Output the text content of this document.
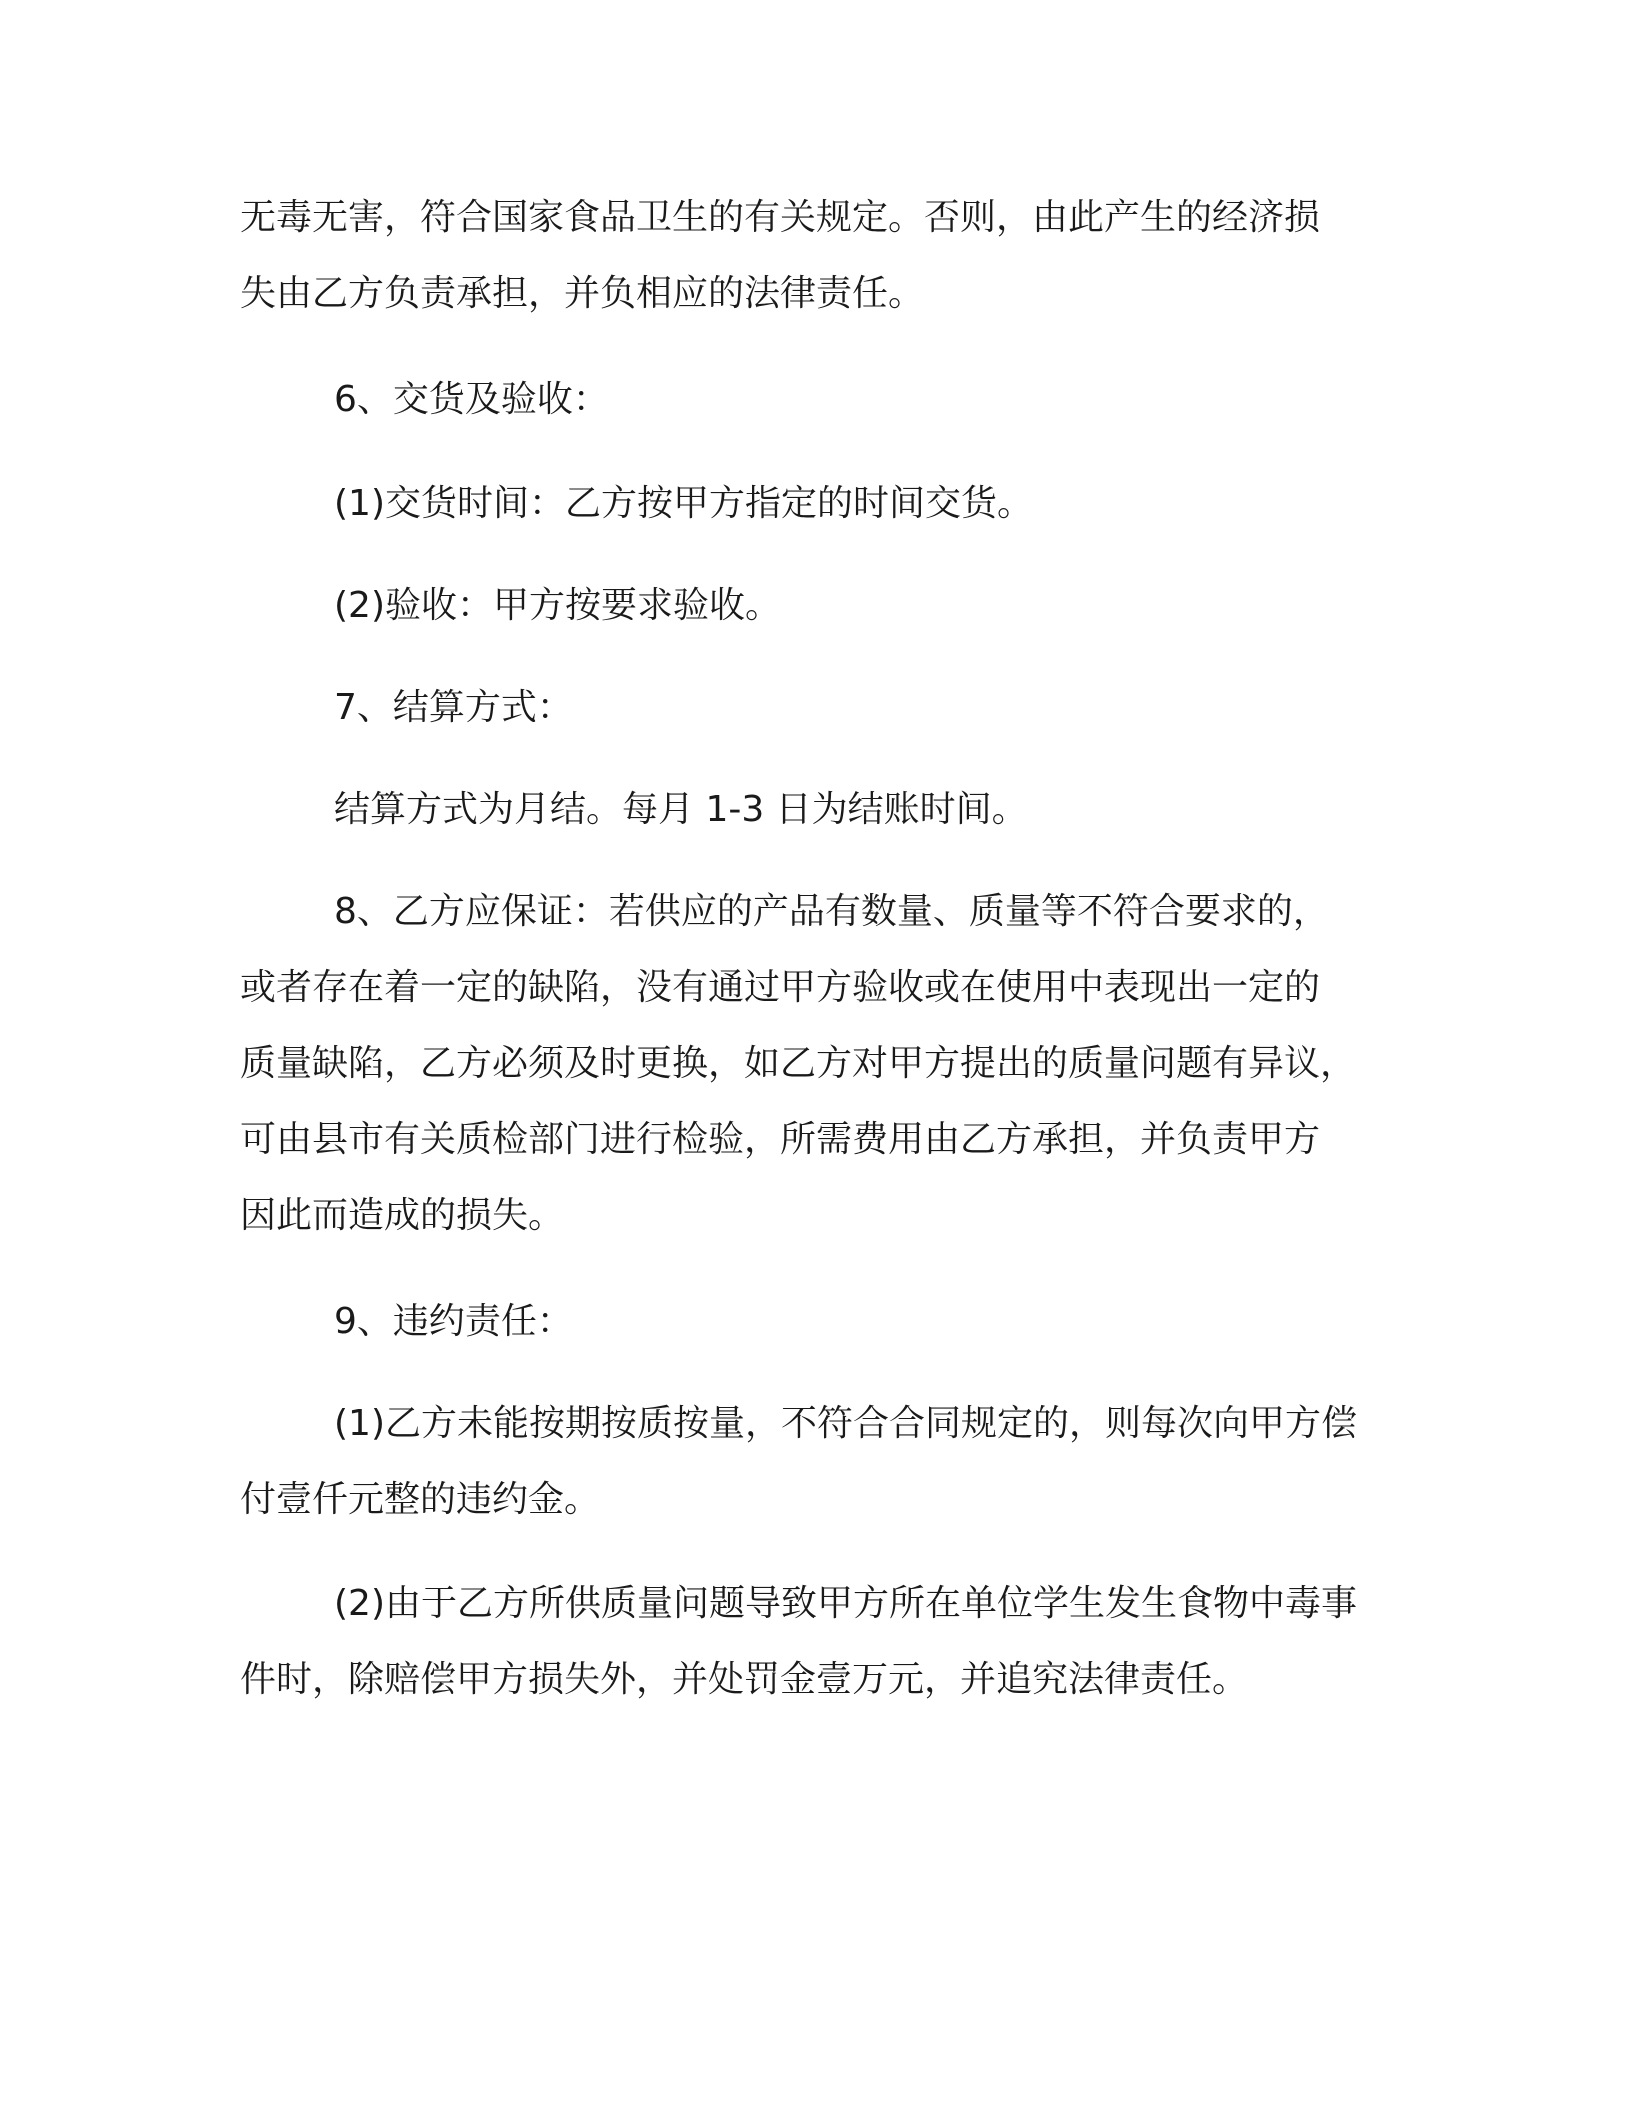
无毒无害，符合国家食品卫生的有关规定。否则，由此产生的经济损
失由乙方负责承担，并负相应的法律责任。
6、交货及验收：
(1)交货时间：乙方按甲方指定的时间交货。
(2)验收：甲方按要求验收。
7、结算方式：
结算方式为月结。每月 1-3 日为结账时间。
8、乙方应保证：若供应的产品有数量、质量等不符合要求的，
或者存在着一定的缺陷，没有通过甲方验收或在使用中表现出一定的
质量缺陷，乙方必须及时更换，如乙方对甲方提出的质量问题有异议，
可由县市有关质检部门进行检验，所需费用由乙方承担，并负责甲方
因此而造成的损失。
9、违约责任：
(1)乙方未能按期按质按量，不符合合同规定的，则每次向甲方偿
付壹仟元整的违约金。
(2)由于乙方所供质量问题导致甲方所在单位学生发生食物中毒事
件时，除赔偿甲方损失外，并处罚金壹万元，并追究法律责任。
